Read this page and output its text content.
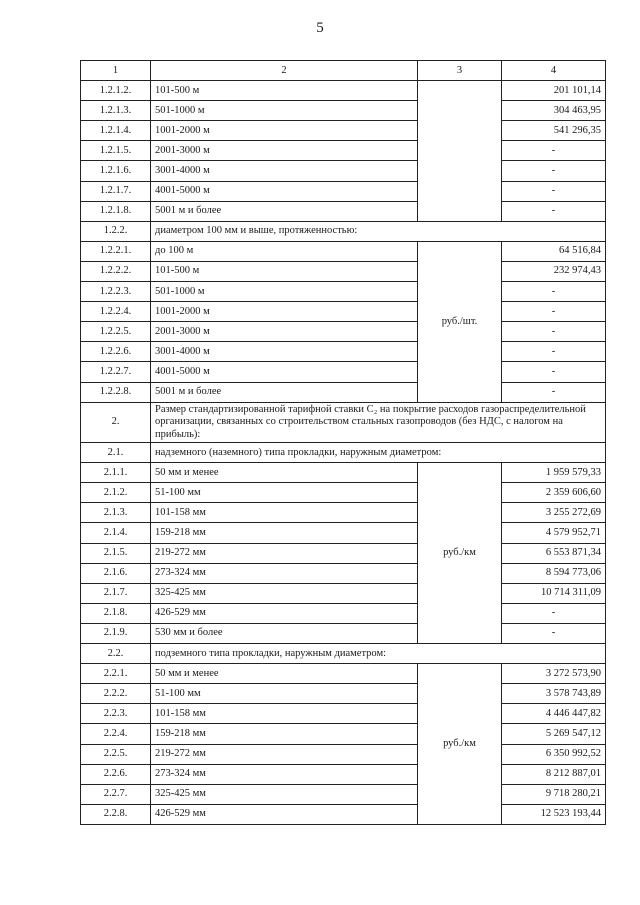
5
1	2	3	4
1.2.1.2.	101-500 м		201 101,14
1.2.1.3.	501-1000 м		304 463,95
1.2.1.4.	1001-2000 м		541 296,35
1.2.1.5.	2001-3000 м		-
1.2.1.6.	3001-4000 м		-
1.2.1.7.	4001-5000 м		-
1.2.1.8.	5001 м и более		-
1.2.2.	диаметром 100 мм и выше, протяженностью:		
1.2.2.1.	до 100 м	руб./шт.	64 516,84
1.2.2.2.	101-500 м		232 974,43
1.2.2.3.	501-1000 м		-
1.2.2.4.	1001-2000 м		-
1.2.2.5.	2001-3000 м		-
1.2.2.6.	3001-4000 м		-
1.2.2.7.	4001-5000 м		-
1.2.2.8.	5001 м и более		-
2.	Размер стандартизированной тарифной ставки С₂ на покрытие расходов газораспределительной организации, связанных со строительством стальных газопроводов (без НДС, с налогом на прибыль):		
2.1.	надземного (наземного) типа прокладки, наружным диаметром:		
2.1.1.	50 мм и менее	руб./км	1 959 579,33
2.1.2.	51-100 мм		2 359 606,60
2.1.3.	101-158 мм		3 255 272,69
2.1.4.	159-218 мм		4 579 952,71
2.1.5.	219-272 мм		6 553 871,34
2.1.6.	273-324 мм		8 594 773,06
2.1.7.	325-425 мм		10 714 311,09
2.1.8.	426-529 мм		-
2.1.9.	530 мм и более		-
2.2.	подземного типа прокладки, наружным диаметром:		
2.2.1.	50 мм и менее	руб./км	3 272 573,90
2.2.2.	51-100 мм		3 578 743,89
2.2.3.	101-158 мм		4 446 447,82
2.2.4.	159-218 мм		5 269 547,12
2.2.5.	219-272 мм		6 350 992,52
2.2.6.	273-324 мм		8 212 887,01
2.2.7.	325-425 мм		9 718 280,21
2.2.8.	426-529 мм		12 523 193,44
